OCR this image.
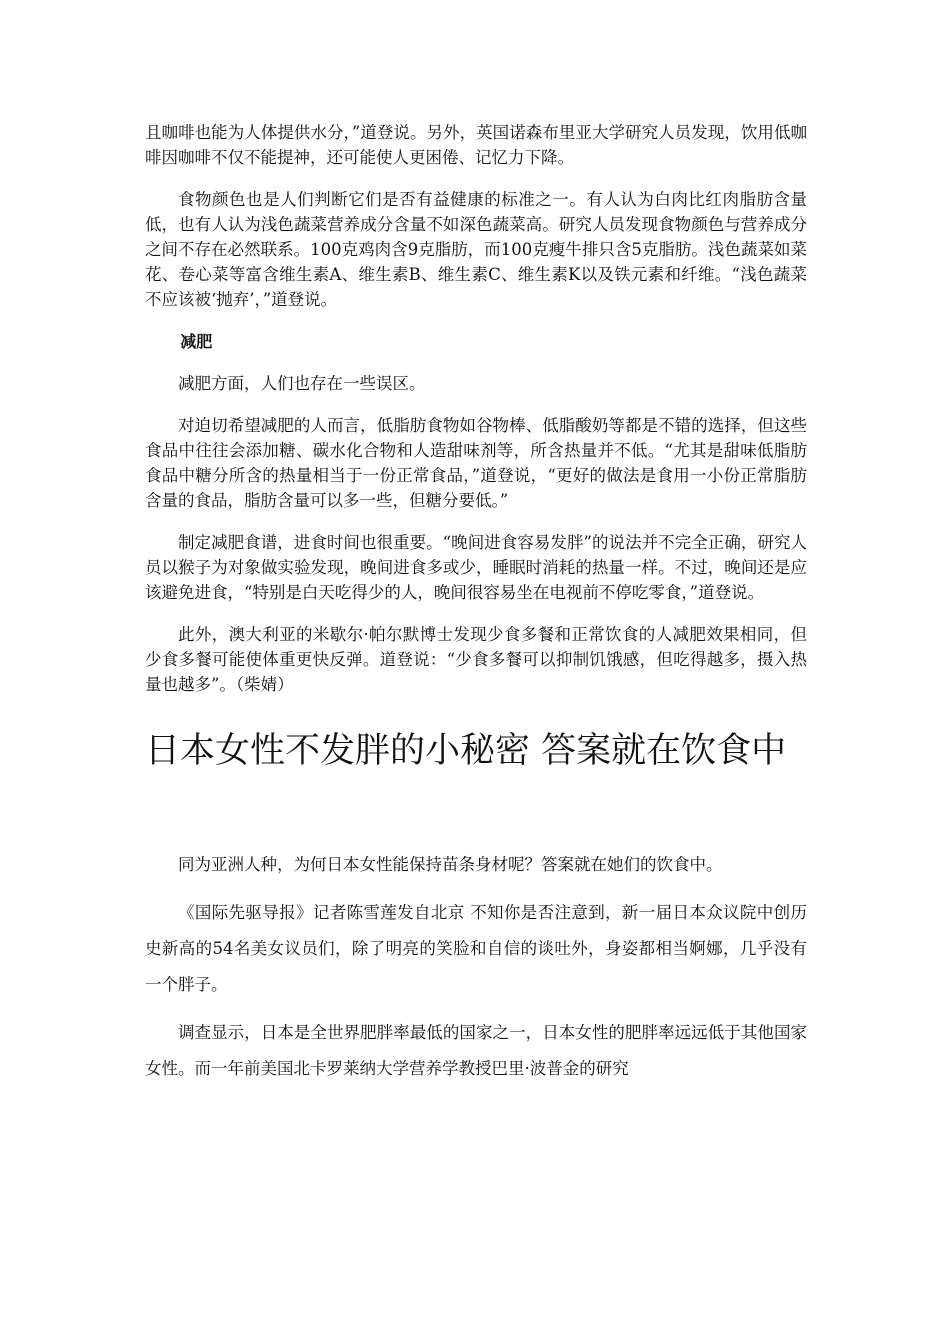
且咖啡也能为人体提供水分，”道登说。另外，英国诺森布里亚大学研究人员发现，饮用低咖啡因咖啡不仅不能提神，还可能使人更困倦、记忆力下降。

食物颜色也是人们判断它们是否有益健康的标准之一。有人认为白肉比红肉脂肪含量低，也有人认为浅色蔬菜营养成分含量不如深色蔬菜高。研究人员发现食物颜色与营养成分之间不存在必然联系。100克鸡肉含9克脂肪，而100克瘦牛排只含5克脂肪。浅色蔬菜如菜花、卷心菜等富含维生素A、维生素B、维生素C、维生素K以及铁元素和纤维。“浅色蔬菜不应该被‘抛弃’，”道登说。

减肥

减肥方面，人们也存在一些误区。

对迫切希望减肥的人而言，低脂肪食物如谷物棒、低脂酸奶等都是不错的选择，但这些食品中往往会添加糖、碳水化合物和人造甜味剂等，所含热量并不低。“尤其是甜味低脂肪食品中糖分所含的热量相当于一份正常食品，”道登说，“更好的做法是食用一小份正常脂肪含量的食品，脂肪含量可以多一些，但糖分要低。”

制定减肥食谱，进食时间也很重要。“晚间进食容易发胖”的说法并不完全正确，研究人员以猴子为对象做实验发现，晚间进食多或少，睡眠时消耗的热量一样。不过，晚间还是应该避免进食，“特别是白天吃得少的人，晚间很容易坐在电视前不停吃零食，”道登说。

此外，澳大利亚的米歇尔·帕尔默博士发现少食多餐和正常饮食的人减肥效果相同，但少食多餐可能使体重更快反弹。道登说：“少食多餐可以抑制饥饿感，但吃得越多，摄入热量也越多”。（柴婧）

日本女性不发胖的小秘密 答案就在饮食中

同为亚洲人种，为何日本女性能保持苗条身材呢？答案就在她们的饮食中。

《国际先驱导报》记者陈雪莲发自北京 不知你是否注意到，新一届日本众议院中创历史新高的54名美女议员们，除了明亮的笑脸和自信的谈吐外，身姿都相当婀娜，几乎没有一个胖子。

调查显示，日本是全世界肥胖率最低的国家之一，日本女性的肥胖率远远低于其他国家女性。而一年前美国北卡罗莱纳大学营养学教授巴里·波普金的研究
